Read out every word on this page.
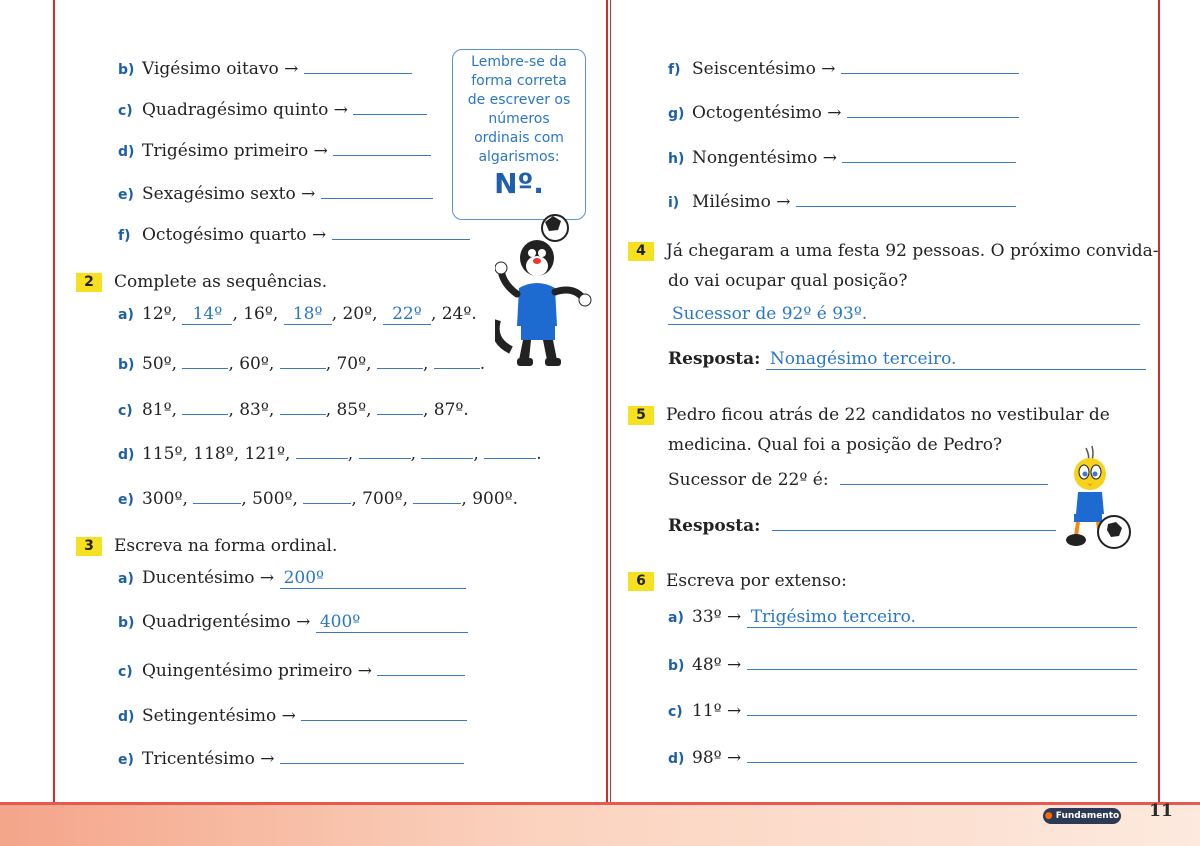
Lembre-se da
forma correta
de escrever os
números
ordinais com
algarismos:
Nº.
b) Vigésimo oitavo →
c) Quadragésimo quinto →
d) Trigésimo primeiro →
e) Sexagésimo sexto →
f) Octogésimo quarto →
2 Complete as sequências.
a) 12º, 14º , 16º, 18º , 20º, 22º , 24º.
b) 50º,	, 60º,	, 70º,	,	.
c) 81º,	, 83º,	, 85º,	, 87º.
d) 115º, 118º, 121º,	,	,	,	.
e) 300º,	, 500º,	, 700º,	, 900º.
3 Escreva na forma ordinal.
a) Ducentésimo → 200º
b) Quadrigentésimo → 400º
c) Quingentésimo primeiro →
d) Setingentésimo →
e) Tricentésimo →
f) Seiscentésimo →
g) Octogentésimo →
h) Nongentésimo →
i) Milésimo →
4 Já chegaram a uma festa 92 pessoas. O próximo convida-
do vai ocupar qual posição?
Sucessor de 92º é 93º.
Resposta: Nonagésimo terceiro.
5 Pedro ficou atrás de 22 candidatos no vestibular de
medicina. Qual foi a posição de Pedro?
Sucessor de 22º é:
Resposta:
6 Escreva por extenso:
a) 33º → Trigésimo terceiro.
b) 48º →
c) 11º →
d) 98º →
● Fundamento 11
